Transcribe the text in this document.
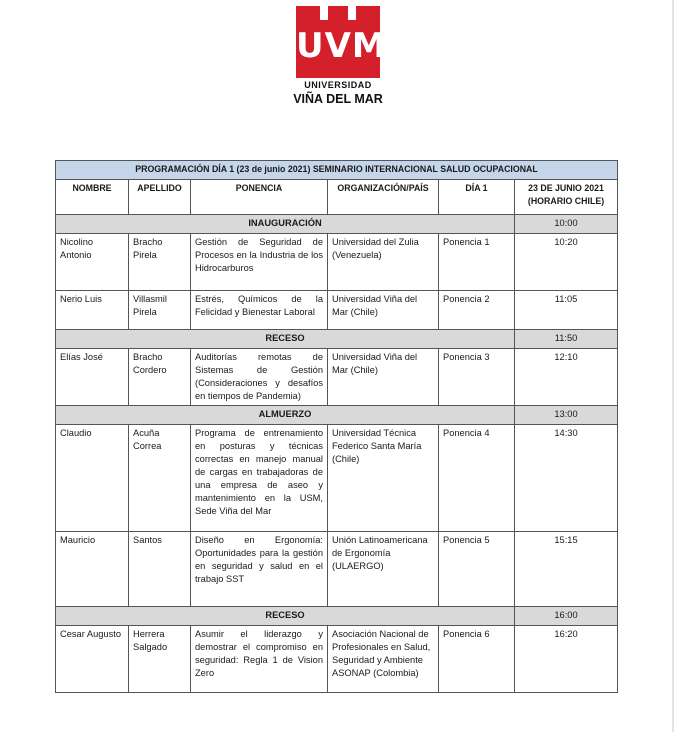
UVM
UNIVERSIDAD
VIÑA DEL MAR
PROGRAMACIÓN DÍA 1 (23 de junio 2021) SEMINARIO INTERNACIONAL SALUD OCUPACIONAL					
NOMBRE	APELLIDO	PONENCIA	ORGANIZACIÓN/PAÍS	DÍA 1	23 DE JUNIO 2021 (HORARIO CHILE)
INAUGURACIÓN					10:00
Nicolino Antonio	Bracho Pirela	Gestión de Seguridad de Procesos en la Industria de los Hidrocarburos	Universidad del Zulia (Venezuela)	Ponencia 1	10:20
Nerio Luis	Villasmil Pirela	Estrés, Químicos de la Felicidad y Bienestar Laboral	Universidad Viña del Mar (Chile)	Ponencia 2	11:05
RECESO					11:50
Elías José	Bracho Cordero	Auditorías remotas de Sistemas de Gestión (Consideraciones y desafíos en tiempos de Pandemia)	Universidad Viña del Mar (Chile)	Ponencia 3	12:10
ALMUERZO					13:00
Claudio	Acuña Correa	Programa de entrenamiento en posturas y técnicas correctas en manejo manual de cargas en trabajadoras de una empresa de aseo y mantenimiento en la USM, Sede Viña del Mar	Universidad Técnica Federico Santa María (Chile)	Ponencia 4	14:30
Mauricio	Santos	Diseño en Ergonomía: Oportunidades para la gestión en seguridad y salud en el trabajo SST	Unión Latinoamericana de Ergonomía (ULAERGO)	Ponencia 5	15:15
RECESO					16:00
Cesar Augusto	Herrera Salgado	Asumir el liderazgo y demostrar el compromiso en seguridad: Regla 1 de Vision Zero	Asociación Nacional de Profesionales en Salud, Seguridad y Ambiente ASONAP (Colombia)	Ponencia 6	16:20
